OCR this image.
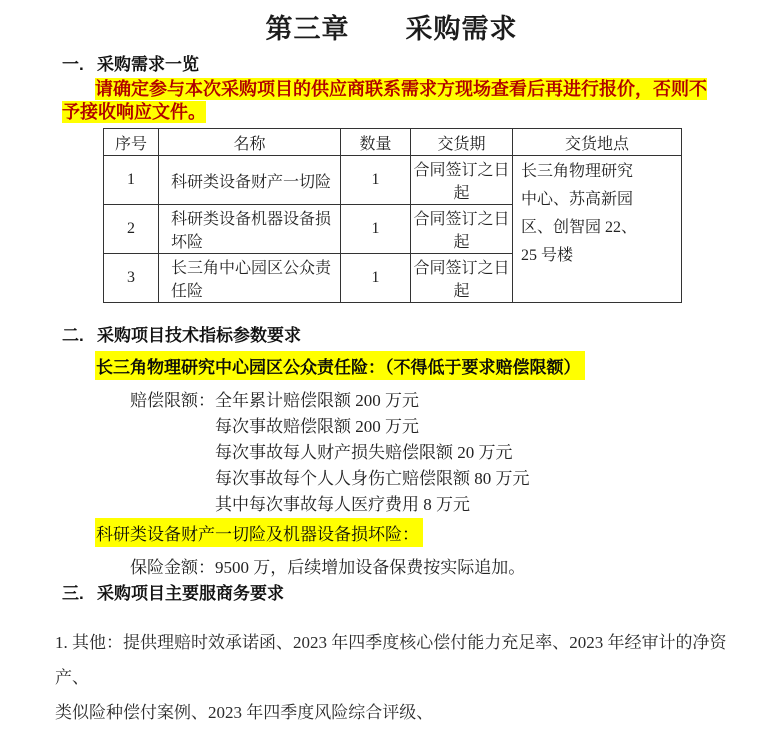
第三章　　采购需求
一. 采购需求一览

请确定参与本次采购项目的供应商联系需求方现场查看后再进行报价，否则不予接收响应文件。

序号	名称	数量	交货期	交货地点
1	科研类设备财产一切险	1	合同签订之日起	长三角物理研究
中心、苏高新园
区、创智园 22、
25 号楼

2	科研类设备机器设备损坏险	1	合同签订之日起	
3	长三角中心园区公众责任险	1	合同签订之日起	
二. 采购项目技术指标参数要求
长三角物理研究中心园区公众责任险：（不得低于要求赔偿限额）
赔偿限额：全年累计赔偿限额 200 万元
每次事故赔偿限额 200 万元
每次事故每人财产损失赔偿限额 20 万元
每次事故每个人人身伤亡赔偿限额 80 万元
其中每次事故每人医疗费用 8 万元
科研类设备财产一切险及机器设备损坏险：
保险金额：9500 万，后续增加设备保费按实际追加。
三. 采购项目主要服商务要求
1. 其他：提供理赔时效承诺函、2023 年四季度核心偿付能力充足率、2023 年经审计的净资产、
类似险种偿付案例、2023 年四季度风险综合评级、
